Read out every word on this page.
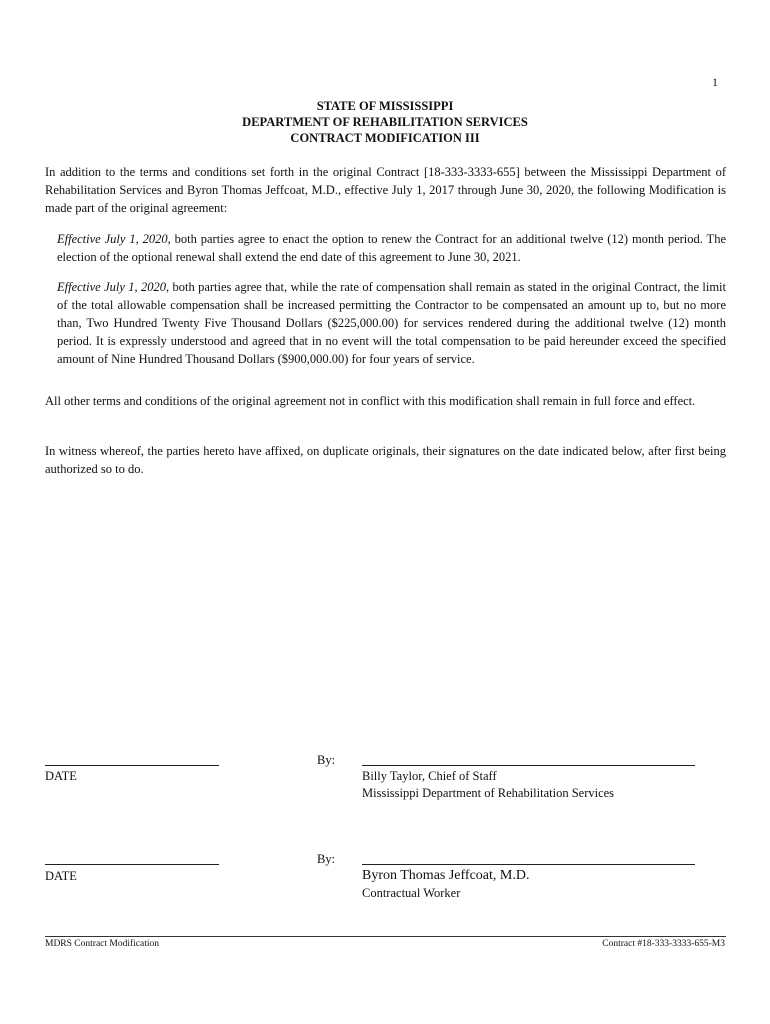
1
STATE OF MISSISSIPPI
DEPARTMENT OF REHABILITATION SERVICES
CONTRACT MODIFICATION III
In addition to the terms and conditions set forth in the original Contract [18-333-3333-655] between the Mississippi Department of Rehabilitation Services and Byron Thomas Jeffcoat, M.D., effective July 1, 2017 through June 30, 2020, the following Modification is made part of the original agreement:
Effective July 1, 2020, both parties agree to enact the option to renew the Contract for an additional twelve (12) month period. The election of the optional renewal shall extend the end date of this agreement to June 30, 2021.
Effective July 1, 2020, both parties agree that, while the rate of compensation shall remain as stated in the original Contract, the limit of the total allowable compensation shall be increased permitting the Contractor to be compensated an amount up to, but no more than, Two Hundred Twenty Five Thousand Dollars ($225,000.00) for services rendered during the additional twelve (12) month period. It is expressly understood and agreed that in no event will the total compensation to be paid hereunder exceed the specified amount of Nine Hundred Thousand Dollars ($900,000.00) for four years of service.
All other terms and conditions of the original agreement not in conflict with this modification shall remain in full force and effect.
In witness whereof, the parties hereto have affixed, on duplicate originals, their signatures on the date indicated below, after first being authorized so to do.
DATE
By:
Billy Taylor, Chief of Staff
Mississippi Department of Rehabilitation Services
DATE
By:
Byron Thomas Jeffcoat, M.D.
Contractual Worker
MDRS Contract Modification	Contract #18-333-3333-655-M3
